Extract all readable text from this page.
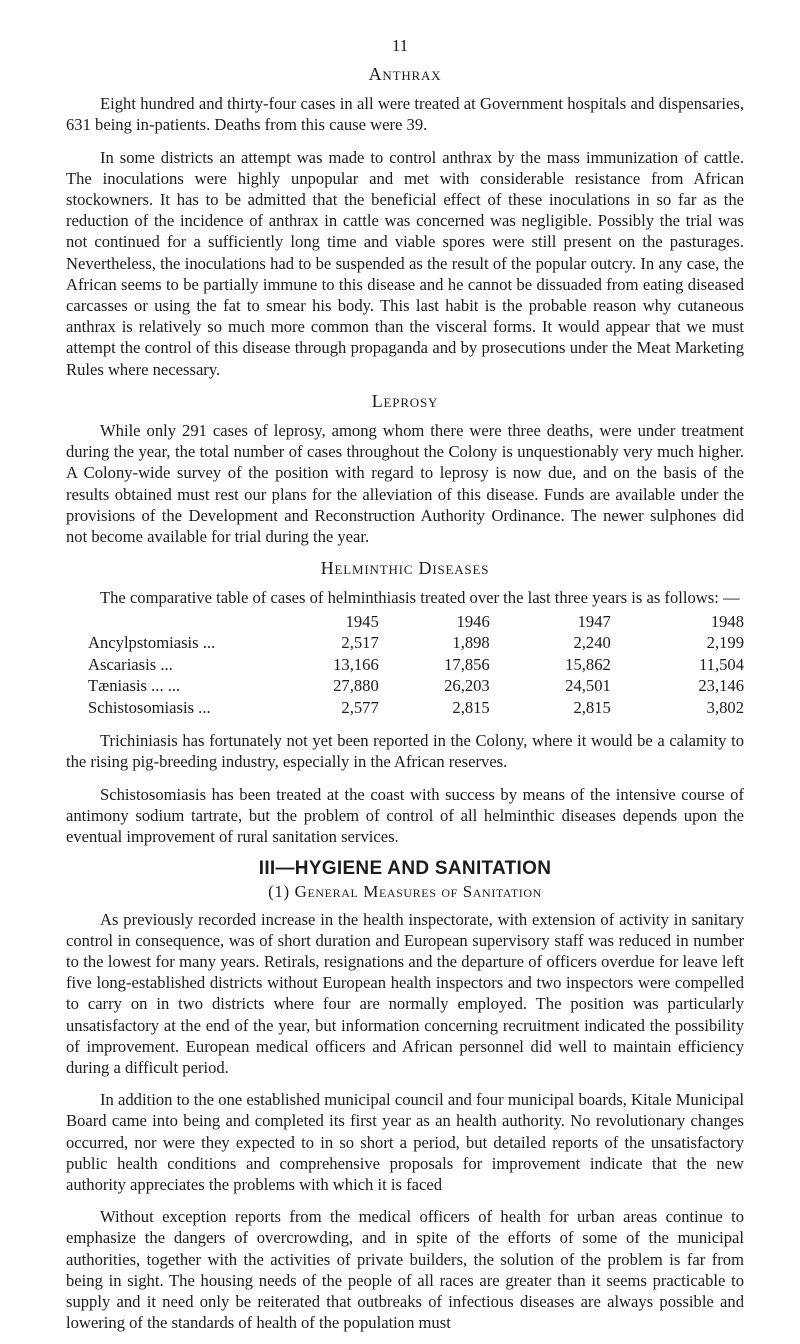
11
Anthrax

Eight hundred and thirty-four cases in all were treated at Government hospitals and dispensaries, 631 being in-patients. Deaths from this cause were 39.

In some districts an attempt was made to control anthrax by the mass immunization of cattle. The inoculations were highly unpopular and met with considerable resistance from African stockowners. It has to be admitted that the beneficial effect of these inoculations in so far as the reduction of the incidence of anthrax in cattle was concerned was negligible. Possibly the trial was not continued for a sufficiently long time and viable spores were still present on the pasturages. Nevertheless, the inoculations had to be suspended as the result of the popular outcry. In any case, the African seems to be partially immune to this disease and he cannot be dissuaded from eating diseased carcasses or using the fat to smear his body. This last habit is the probable reason why cutaneous anthrax is relatively so much more common than the visceral forms. It would appear that we must attempt the control of this disease through propaganda and by prosecutions under the Meat Marketing Rules where necessary.

Leprosy

While only 291 cases of leprosy, among whom there were three deaths, were under treatment during the year, the total number of cases throughout the Colony is unquestionably very much higher. A Colony-wide survey of the position with regard to leprosy is now due, and on the basis of the results obtained must rest our plans for the alleviation of this disease. Funds are available under the provisions of the Development and Reconstruction Authority Ordinance. The newer sulphones did not become available for trial during the year.

Helminthic Diseases

The comparative table of cases of helminthiasis treated over the last three years is as follows: —

	1945	1946	1947	1948
Ancylpstomiasis ...	2,517	1,898	2,240	2,199
Ascariasis ...	13,166	17,856	15,862	11,504
Tæniasis ... ...	27,880	26,203	24,501	23,146
Schistosomiasis ...	2,577	2,815	2,815	3,802

Trichiniasis has fortunately not yet been reported in the Colony, where it would be a calamity to the rising pig-breeding industry, especially in the African reserves.

Schistosomiasis has been treated at the coast with success by means of the intensive course of antimony sodium tartrate, but the problem of control of all helminthic diseases depends upon the eventual improvement of rural sanitation services.

III—HYGIENE AND SANITATION
(1) General Measures of Sanitation

As previously recorded increase in the health inspectorate, with extension of activity in sanitary control in consequence, was of short duration and European supervisory staff was reduced in number to the lowest for many years. Retirals, resignations and the departure of officers overdue for leave left five long-established districts without European health inspectors and two inspectors were compelled to carry on in two districts where four are normally employed. The position was particularly unsatisfactory at the end of the year, but information concerning recruitment indicated the possibility of improvement. European medical officers and African personnel did well to maintain efficiency during a difficult period.

In addition to the one established municipal council and four municipal boards, Kitale Municipal Board came into being and completed its first year as an health authority. No revolutionary changes occurred, nor were they expected to in so short a period, but detailed reports of the unsatisfactory public health conditions and comprehensive proposals for improvement indicate that the new authority appreciates the problems with which it is faced

Without exception reports from the medical officers of health for urban areas continue to emphasize the dangers of overcrowding, and in spite of the efforts of some of the municipal authorities, together with the activities of private builders, the solution of the problem is far from being in sight. The housing needs of the people of all races are greater than it seems practicable to supply and it need only be reiterated that outbreaks of infectious diseases are always possible and lowering of the standards of health of the population must
